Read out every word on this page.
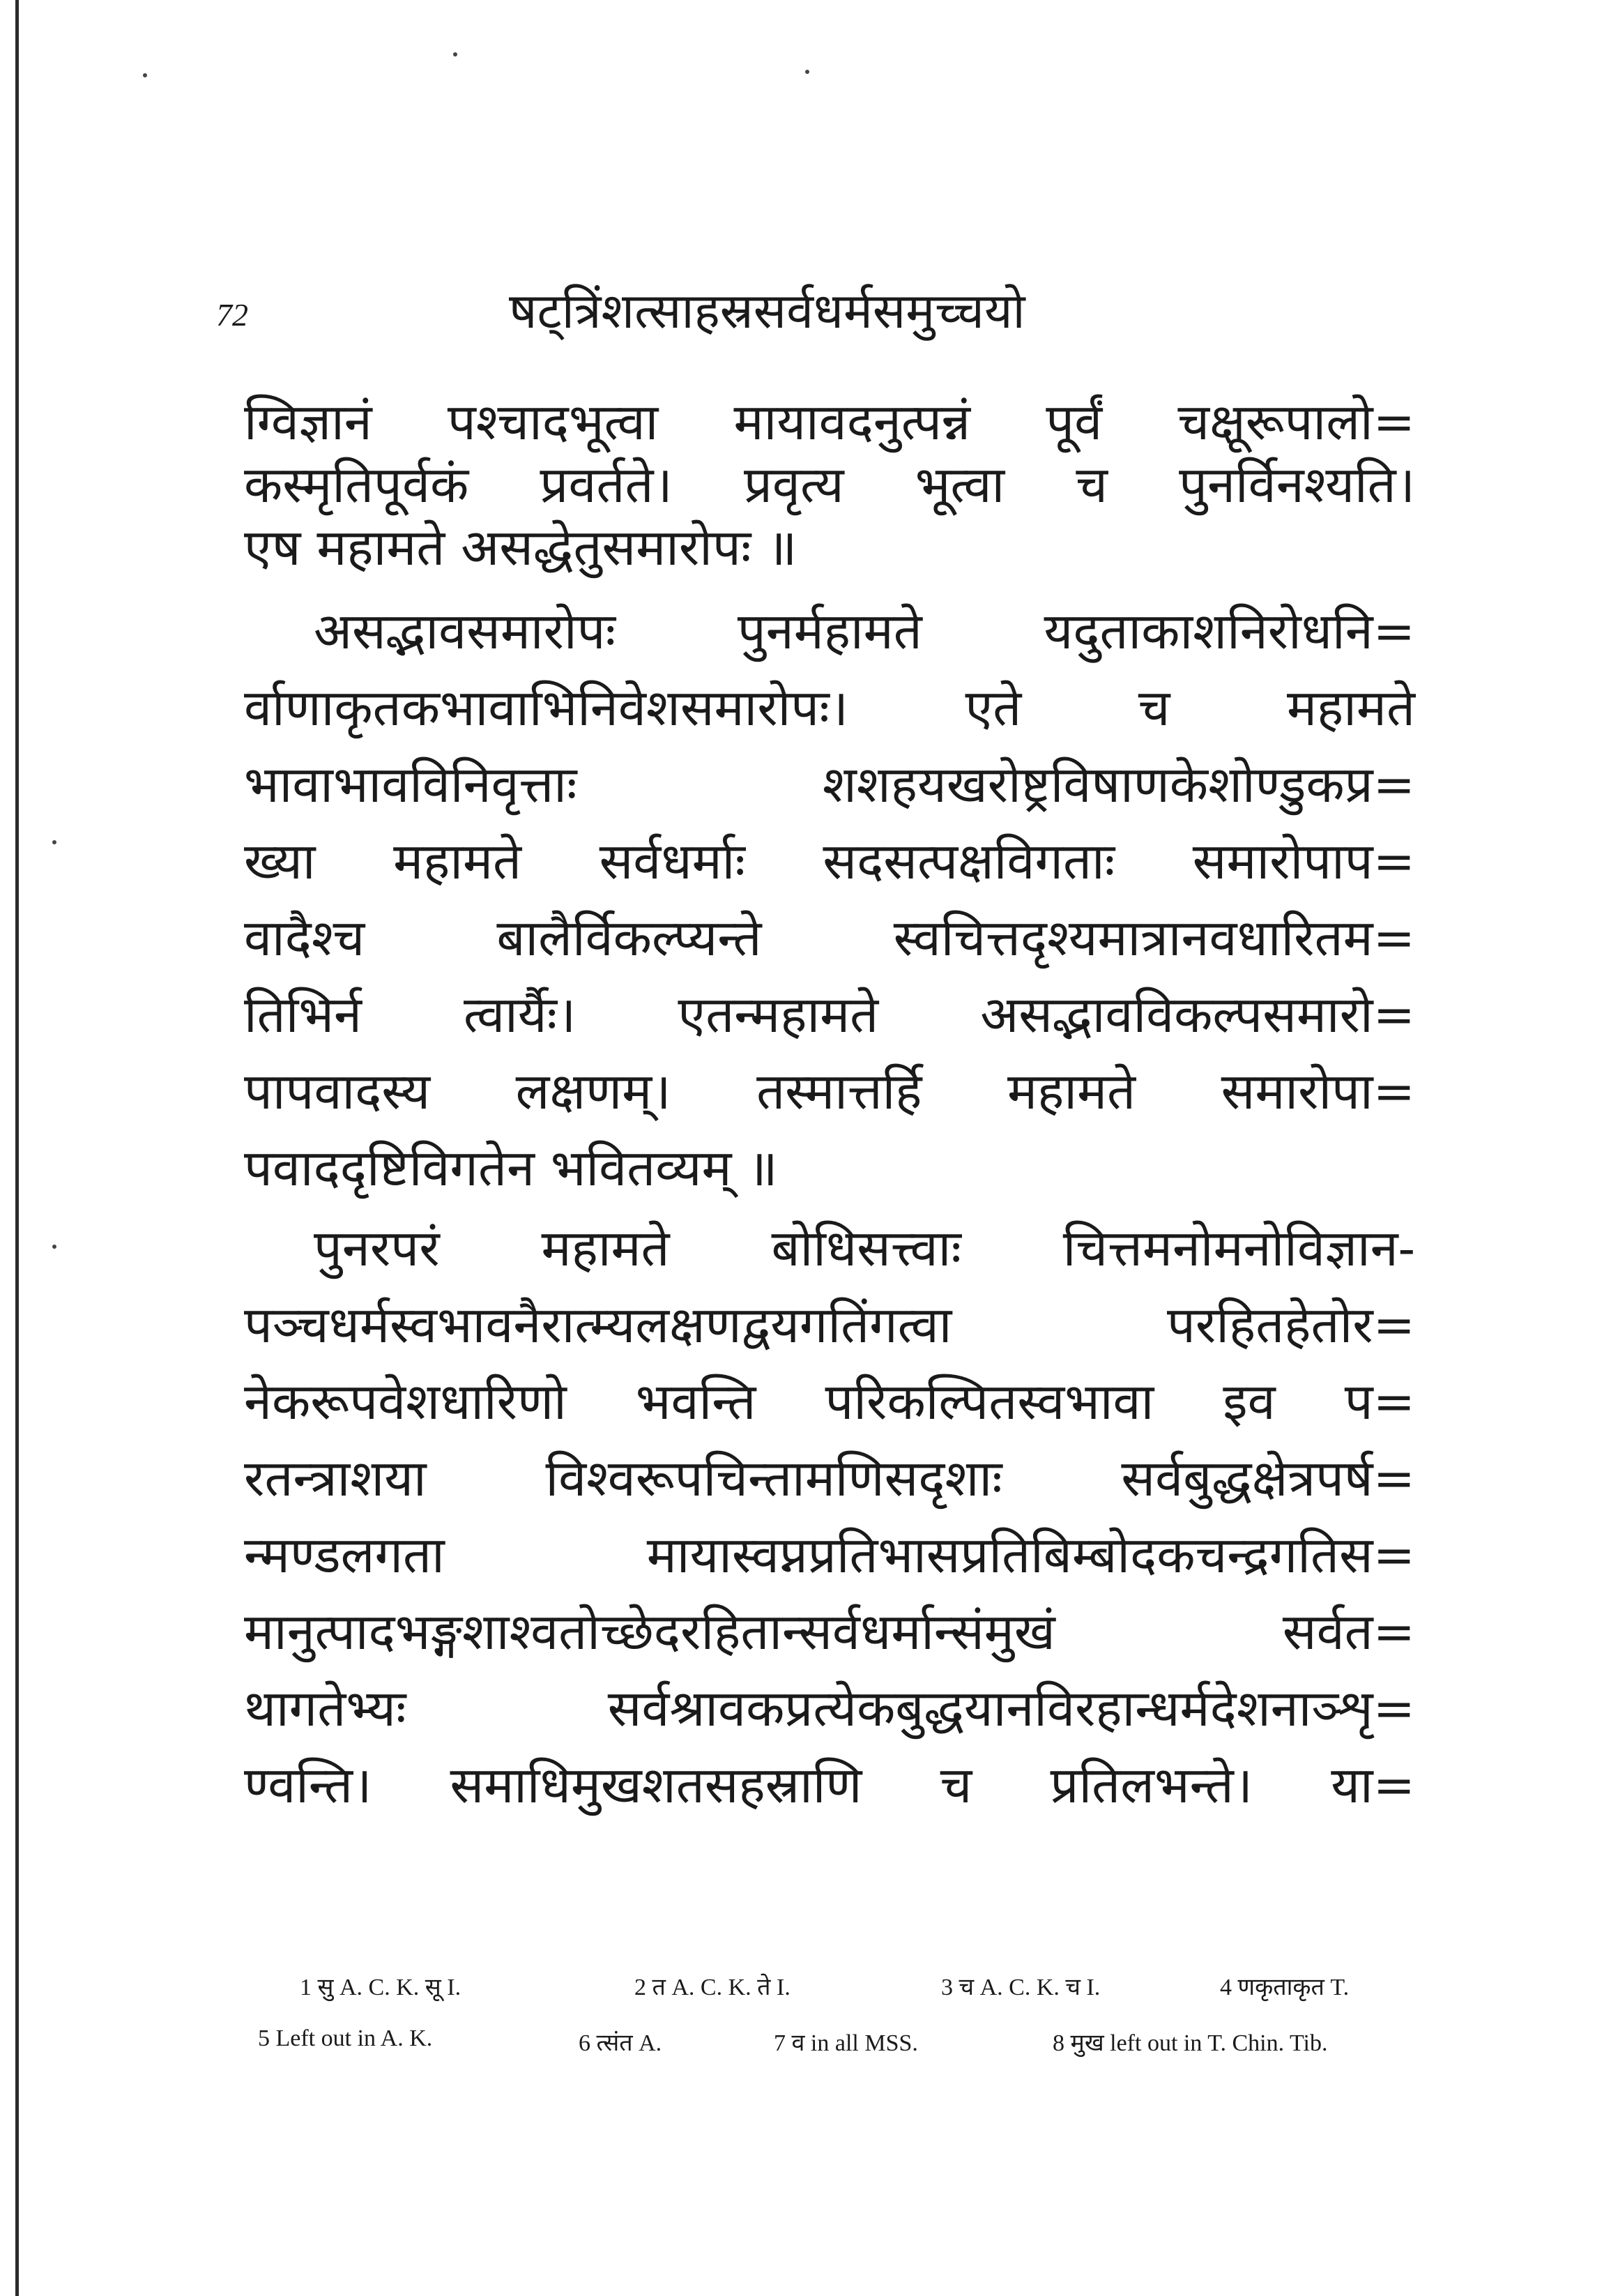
72	षट्त्रिंशत्साहस्रसर्वधर्मसमुच्चयो
ग्विज्ञानं पश्चादभूत्वा मायावदनुत्पन्नं पूर्वं चक्षूरूपालो=
कस्मृतिपूर्वकं प्रवर्तते। प्रवृत्य भूत्वा च पुनर्विनश्यति।
एष महामते असद्धेतुसमारोपः ॥
असद्भावसमारोपः पुनर्महामते यदुताकाशनिरोधनि=
र्वाणाकृतकभावाभिनिवेशसमारोपः। एते च महामते
भावाभावविनिवृत्ताः शशहयखरोष्ट्रविषाणकेशोण्डुकप्र=
ख्या महामते सर्वधर्माः सदसत्पक्षविगताः समारोपाप=
वादैश्च बालैर्विकल्प्यन्ते स्वचित्तदृश्यमात्रानवधारितम=
तिभिर्न त्वार्यैः। एतन्महामते असद्भावविकल्पसमारो=
पापवादस्य लक्षणम्। तस्मात्तर्हि महामते समारोपा=
पवाददृष्टिविगतेन भवितव्यम् ॥
पुनरपरं महामते बोधिसत्त्वाः चित्तमनोमनोविज्ञान-
पञ्चधर्मस्वभावनैरात्म्यलक्षणद्वयगतिंगत्वा परहितहेतोर=
नेकरूपवेशधारिणो भवन्ति परिकल्पितस्वभावा इव प=
रतन्त्राशया विश्वरूपचिन्तामणिसदृशाः सर्वबुद्धक्षेत्रपर्ष=
न्मण्डलगता मायास्वप्नप्रतिभासप्रतिबिम्बोदकचन्द्रगतिस=
मानुत्पादभङ्गशाश्वतोच्छेदरहितान्सर्वधर्मान्संमुखं सर्वत=
थागतेभ्यः सर्वश्रावकप्रत्येकबुद्धयानविरहान्धर्मदेशनाञ्शृ=
ण्वन्ति। समाधिमुखशतसहस्राणि च प्रतिलभन्ते। या=
1 सु A. C. K. सू I.	2 त A. C. K. ते I.	3 च A. C. K. च I.	4 णकृताकृत T.
5 Left out in A. K.	6 त्संत A.	7 व in all MSS.	8 मुख left out in T. Chin. Tib.
